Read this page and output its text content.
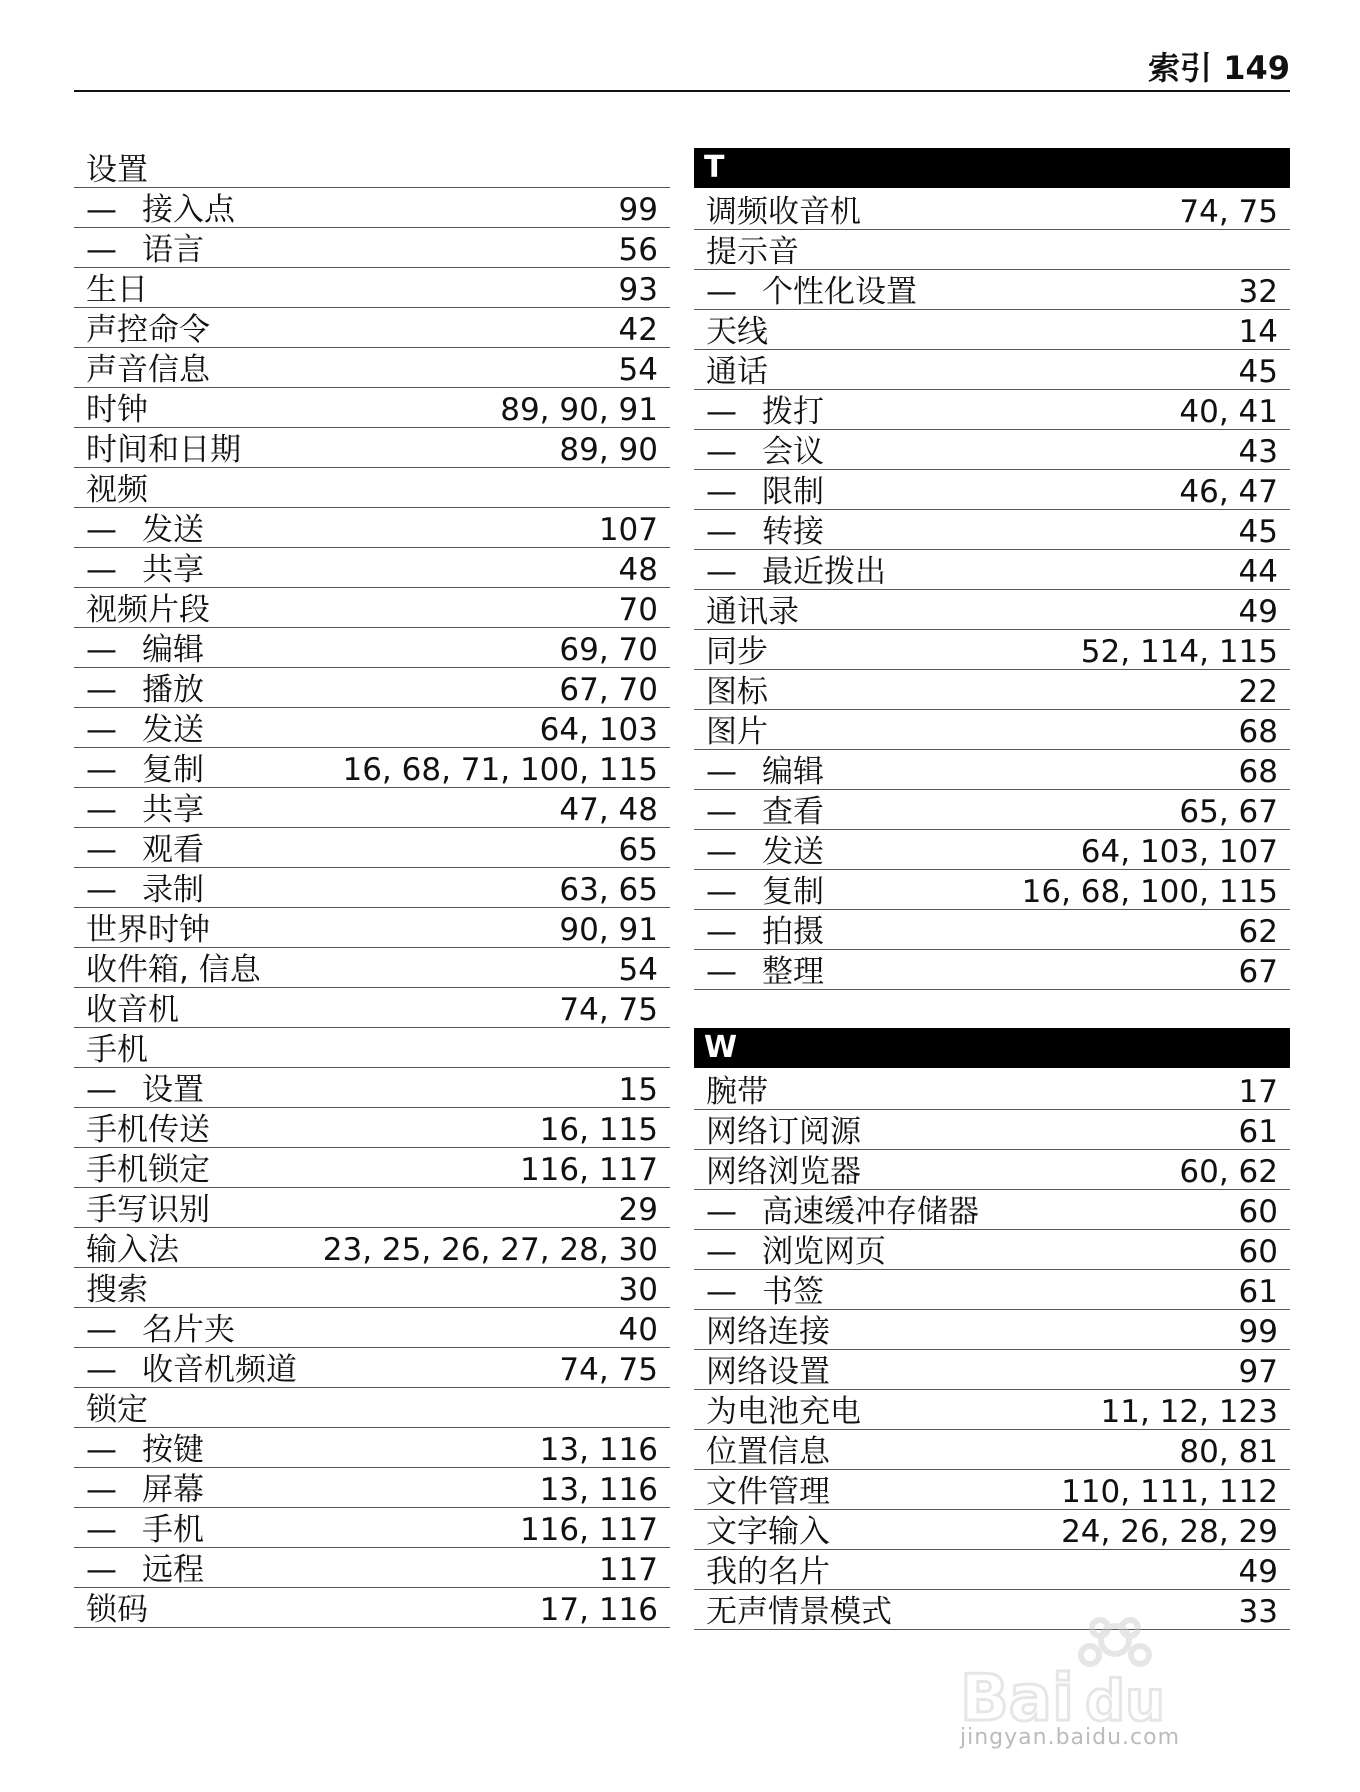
索引 149
设置
— 接入点	99
— 语言	56
生日	93
声控命令	42
声音信息	54
时钟	89, 90, 91
时间和日期	89, 90
视频
— 发送	107
— 共享	48
视频片段	70
— 编辑	69, 70
— 播放	67, 70
— 发送	64, 103
— 复制	16, 68, 71, 100, 115
— 共享	47, 48
— 观看	65
— 录制	63, 65
世界时钟	90, 91
收件箱, 信息	54
收音机	74, 75
手机
— 设置	15
手机传送	16, 115
手机锁定	116, 117
手写识别	29
输入法	23, 25, 26, 27, 28, 30
搜索	30
— 名片夹	40
— 收音机频道	74, 75
锁定
— 按键	13, 116
— 屏幕	13, 116
— 手机	116, 117
— 远程	117
锁码	17, 116
T
调频收音机	74, 75
提示音
— 个性化设置	32
天线	14
通话	45
— 拨打	40, 41
— 会议	43
— 限制	46, 47
— 转接	45
— 最近拨出	44
通讯录	49
同步	52, 114, 115
图标	22
图片	68
— 编辑	68
— 查看	65, 67
— 发送	64, 103, 107
— 复制	16, 68, 100, 115
— 拍摄	62
— 整理	67
W
腕带	17
网络订阅源	61
网络浏览器	60, 62
— 高速缓冲存储器	60
— 浏览网页	60
— 书签	61
网络连接	99
网络设置	97
为电池充电	11, 12, 123
位置信息	80, 81
文件管理	110, 111, 112
文字输入	24, 26, 28, 29
我的名片	49
无声情景模式	33
Bai du
jingyan.baidu.com
